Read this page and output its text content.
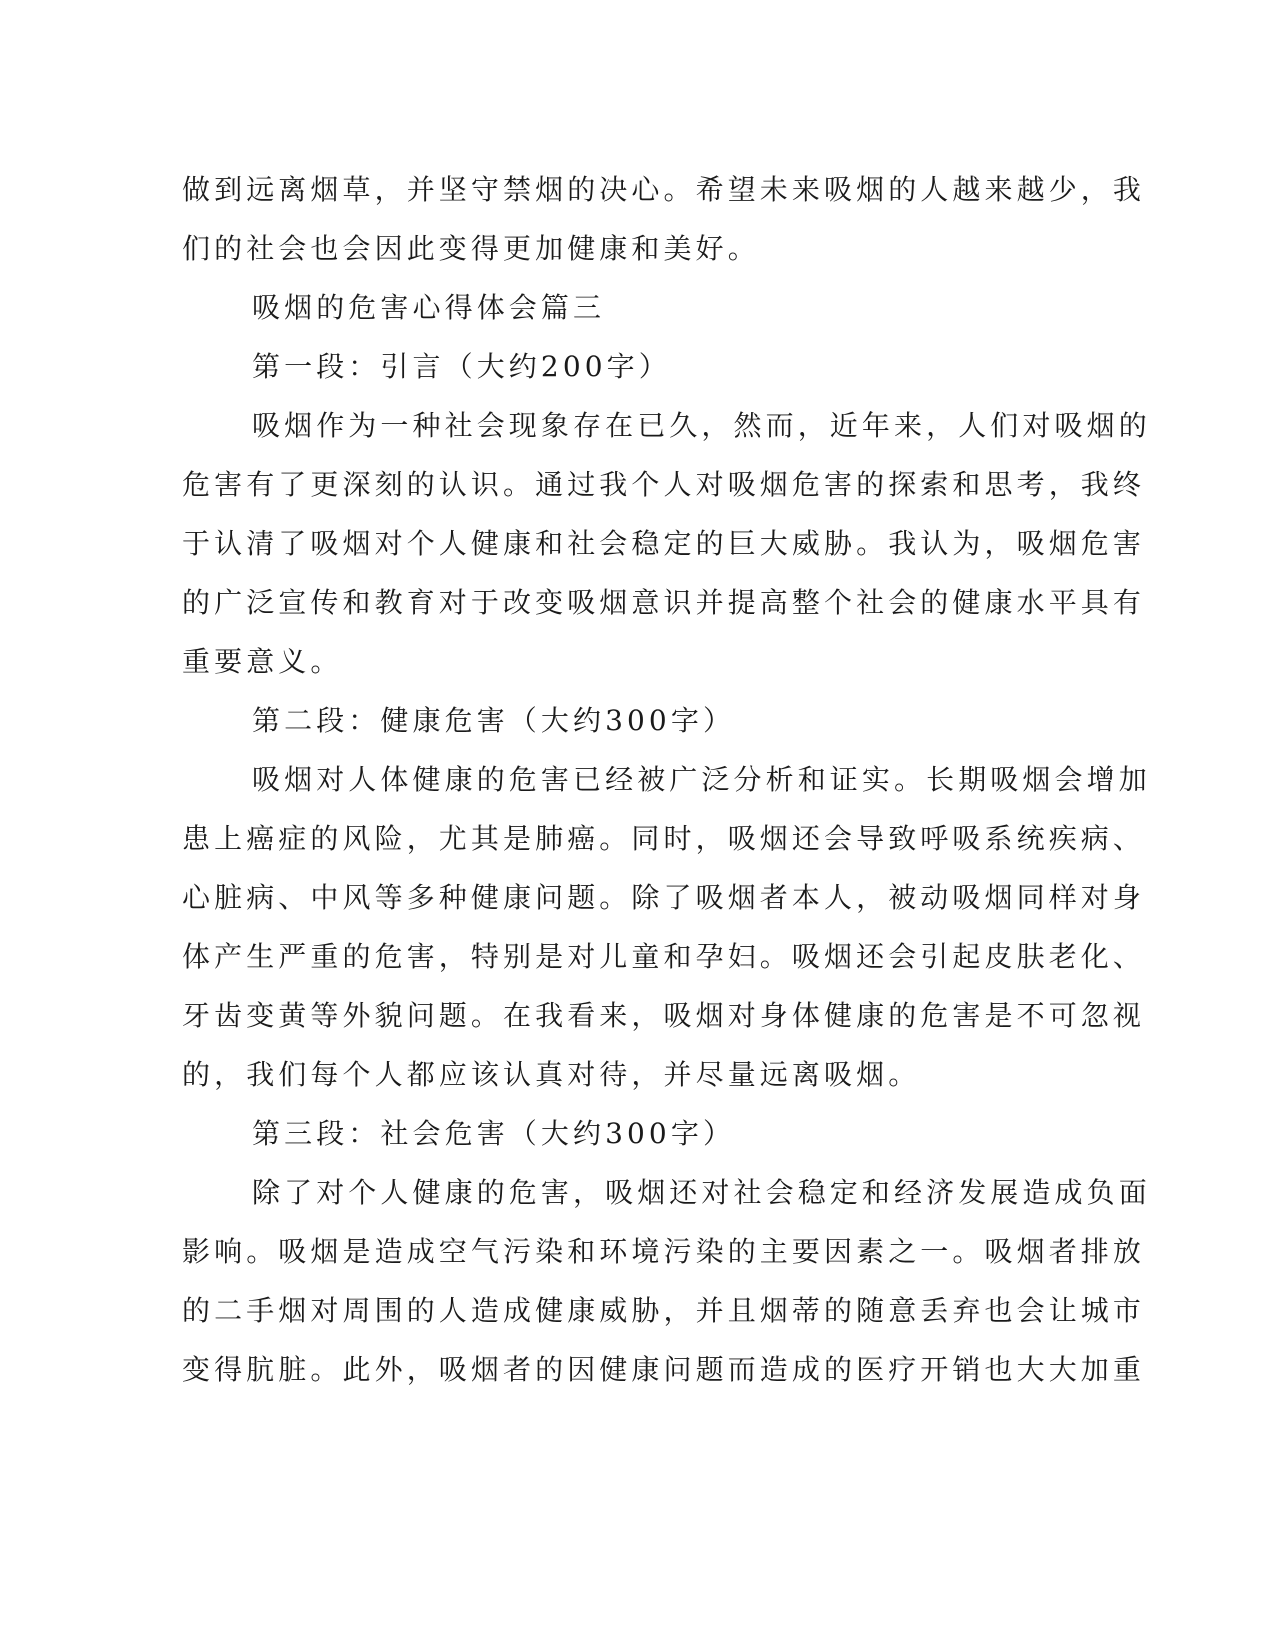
做到远离烟草，并坚守禁烟的决心。希望未来吸烟的人越来越少，我
们的社会也会因此变得更加健康和美好。
吸烟的危害心得体会篇三
第一段：引言（大约200字）
吸烟作为一种社会现象存在已久，然而，近年来，人们对吸烟的
危害有了更深刻的认识。通过我个人对吸烟危害的探索和思考，我终
于认清了吸烟对个人健康和社会稳定的巨大威胁。我认为，吸烟危害
的广泛宣传和教育对于改变吸烟意识并提高整个社会的健康水平具有
重要意义。
第二段：健康危害（大约300字）
吸烟对人体健康的危害已经被广泛分析和证实。长期吸烟会增加
患上癌症的风险，尤其是肺癌。同时，吸烟还会导致呼吸系统疾病、
心脏病、中风等多种健康问题。除了吸烟者本人，被动吸烟同样对身
体产生严重的危害，特别是对儿童和孕妇。吸烟还会引起皮肤老化、
牙齿变黄等外貌问题。在我看来，吸烟对身体健康的危害是不可忽视
的，我们每个人都应该认真对待，并尽量远离吸烟。
第三段：社会危害（大约300字）
除了对个人健康的危害，吸烟还对社会稳定和经济发展造成负面
影响。吸烟是造成空气污染和环境污染的主要因素之一。吸烟者排放
的二手烟对周围的人造成健康威胁，并且烟蒂的随意丢弃也会让城市
变得肮脏。此外，吸烟者的因健康问题而造成的医疗开销也大大加重
